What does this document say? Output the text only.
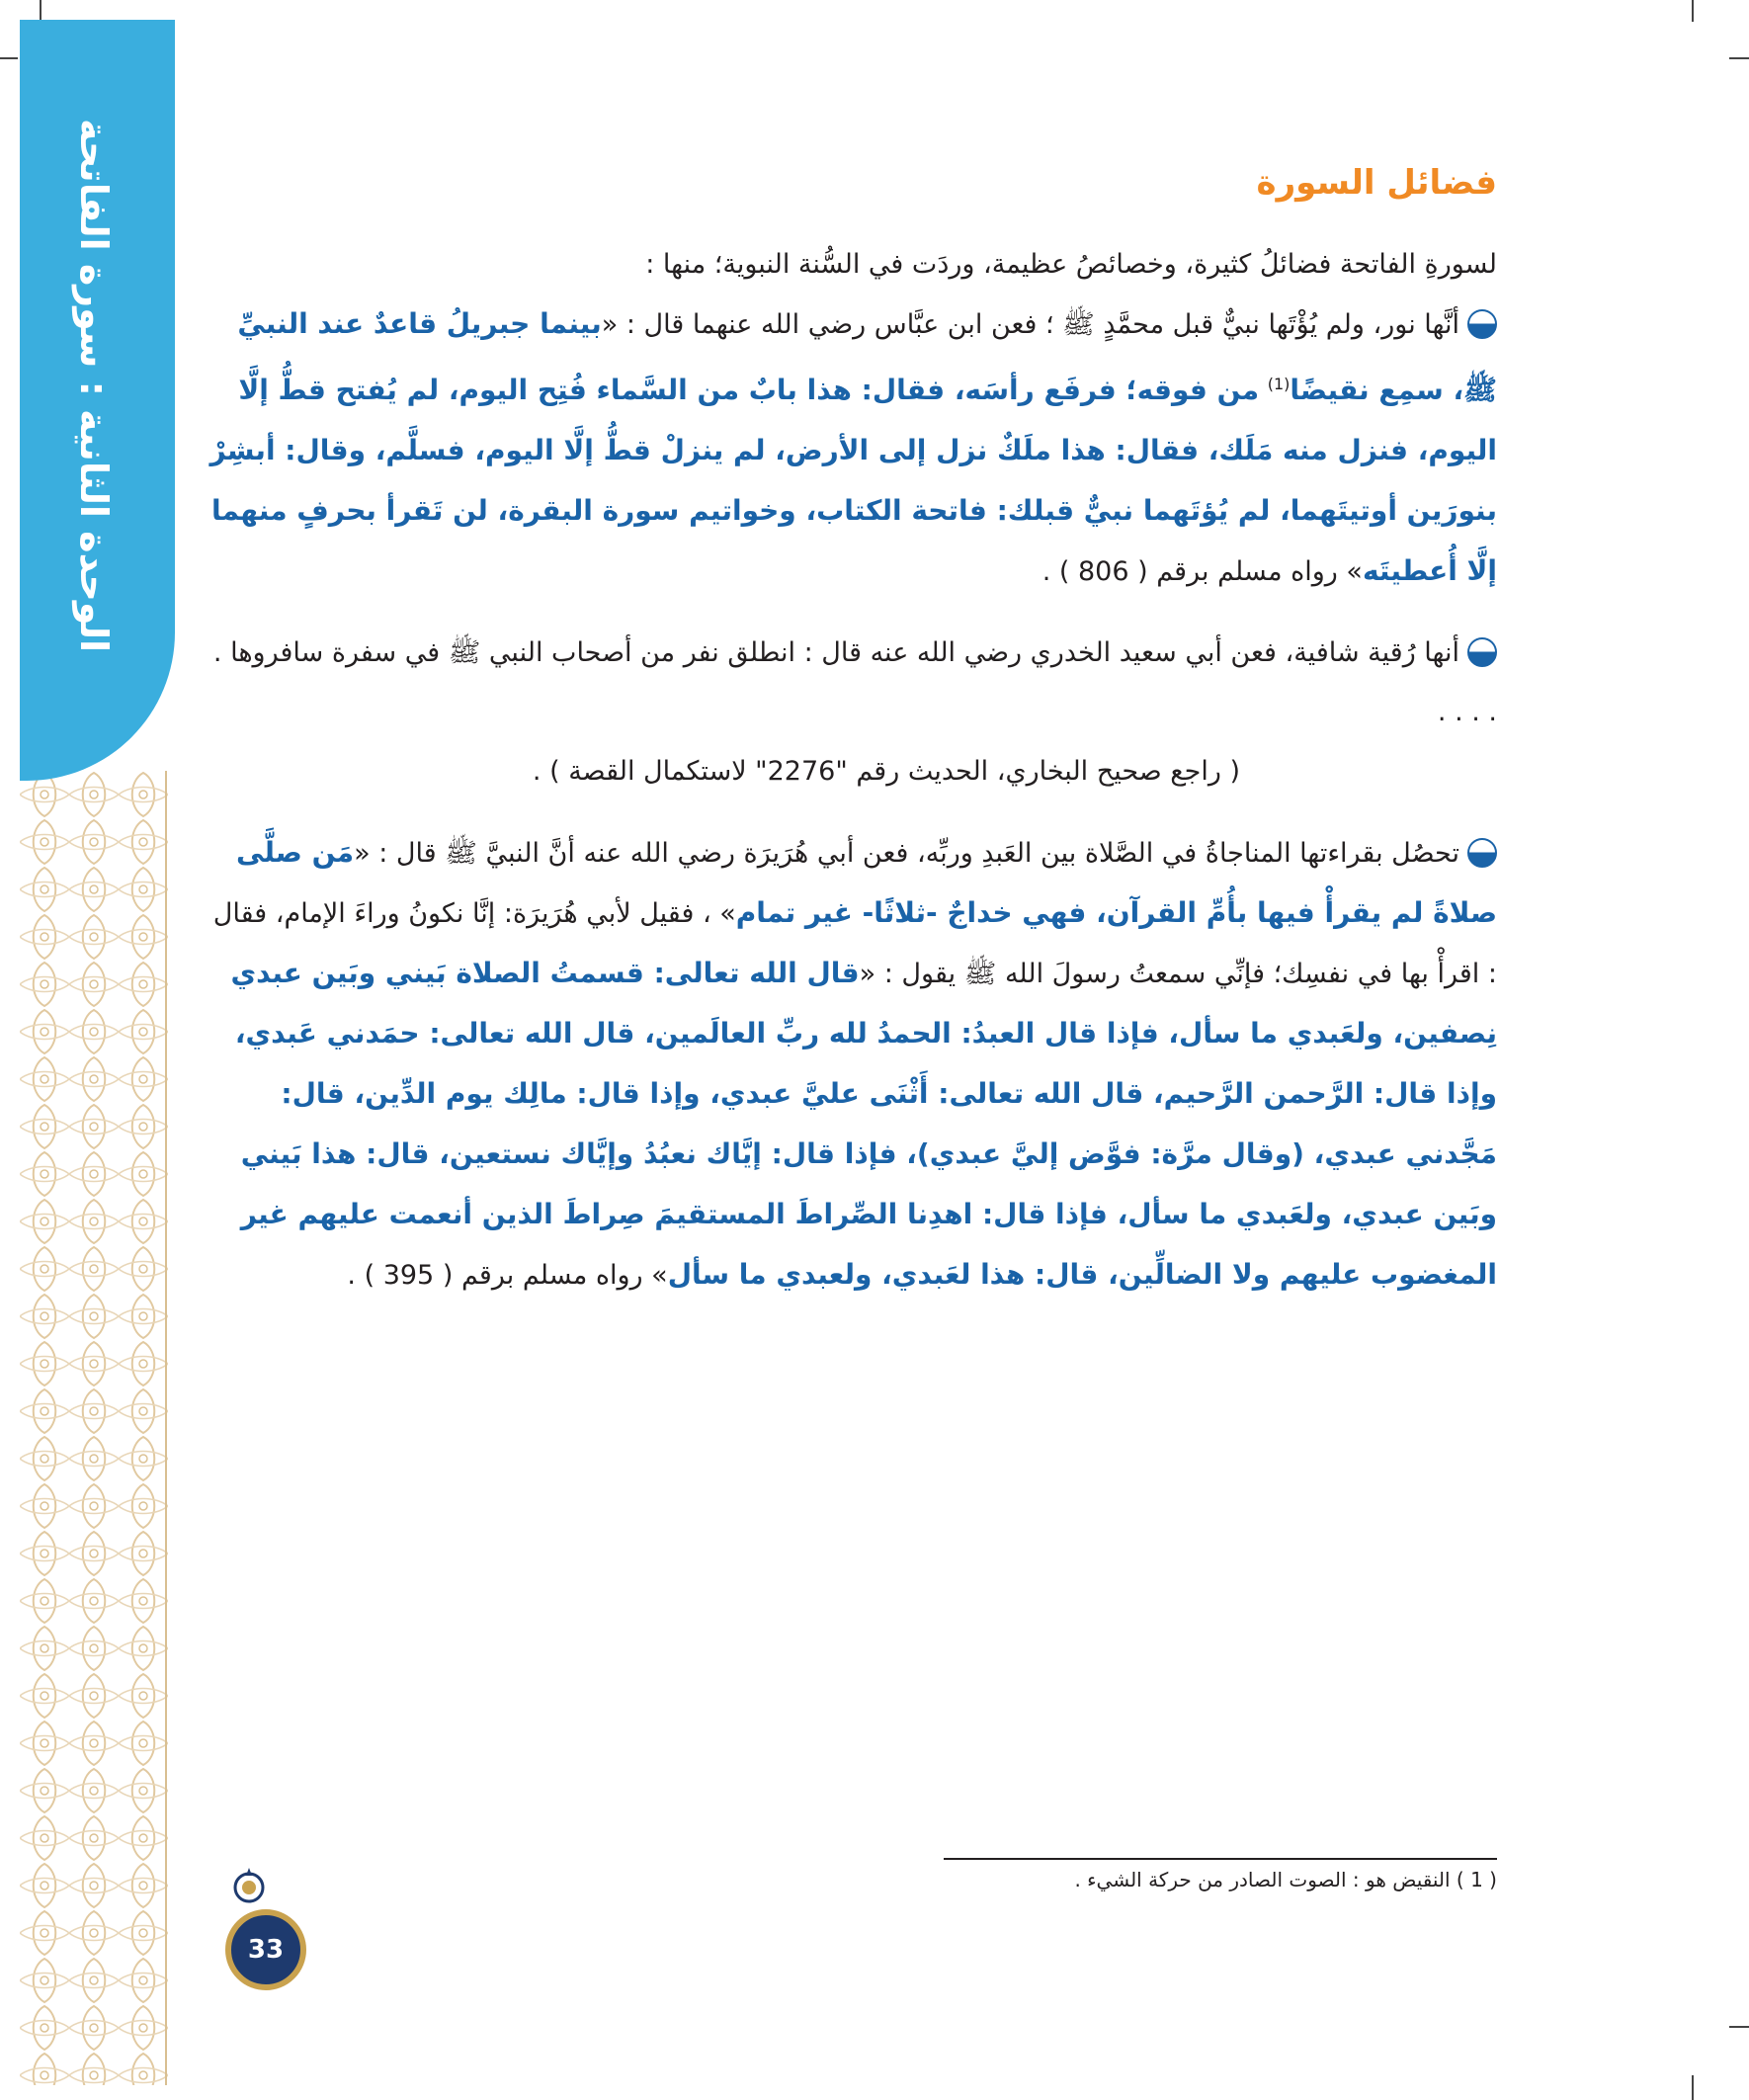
الوحدة الثانية : سورة الفاتحة	فضائل السورة

لسورةِ الفاتحة فضائلُ كثيرة، وخصائصُ عظيمة، وردَت في السُّنة النبوية؛ منها :

أنَّها نور، ولم يُؤْتَها نبيٌّ قبل محمَّدٍ ﷺ ؛ فعن ابن عبَّاس رضي الله عنهما قال : «بينما جبريلُ قاعدٌ عند النبيِّ ﷺ، سمِع نقيضًا$^{(1)}$ من فوقه؛ فرفَع رأسَه، فقال: هذا بابٌ من السَّماء فُتِح اليوم، لم يُفتح قطُّ إلَّا اليوم، فنزل منه مَلَك، فقال: هذا ملَكٌ نزل إلى الأرض، لم ينزلْ قطُّ إلَّا اليوم، فسلَّم، وقال: أبشِرْ بنورَين أوتيتَهما، لم يُؤتَهما نبيٌّ قبلك: فاتحة الكتاب، وخواتيم سورة البقرة، لن تَقرأ بحرفٍ منهما إلَّا أُعطيتَه» رواه مسلم برقم ( 806 ) .

أنها رُقية شافية، فعن أبي سعيد الخدري رضي الله عنه قال : انطلق نفر من أصحاب النبي ﷺ في سفرة سافروها . . . . .

( راجع صحيح البخاري، الحديث رقم "2276" لاستكمال القصة ) .

تحصُل بقراءتها المناجاةُ في الصَّلاة بين العَبدِ وربِّه، فعن أبي هُرَيرَة رضي الله عنه أنَّ النبيَّ ﷺ قال : «مَن صلَّى صلاةً لم يقرأْ فيها بأُمِّ القرآن، فهي خداجٌ -ثلاثًا- غير تمام» ، فقيل لأبي هُرَيرَة: إنَّا نكونُ وراءَ الإمام، فقال : اقرأْ بها في نفسِك؛ فإنِّي سمعتُ رسولَ الله ﷺ يقول : «قال الله تعالى: قسمتُ الصلاة بَيني وبَين عبدي نِصفين، ولعَبدي ما سأل، فإذا قال العبدُ: الحمدُ لله ربِّ العالَمين، قال الله تعالى: حمَدني عَبدي، وإذا قال: الرَّحمن الرَّحيم، قال الله تعالى: أَثْنَى عليَّ عبدي، وإذا قال: مالِك يوم الدِّين، قال: مَجَّدني عبدي، (وقال مرَّة: فوَّض إليَّ عبدي)، فإذا قال: إيَّاك نعبُدُ وإيَّاك نستعين، قال: هذا بَيني وبَين عبدي، ولعَبدي ما سأل، فإذا قال: اهدِنا الصِّراطَ المستقيمَ صِراطَ الذين أنعمت عليهم غير المغضوب عليهم ولا الضالِّين، قال: هذا لعَبدي، ولعبدي ما سأل» رواه مسلم برقم ( 395 ) .

( 1 ) النقيض هو : الصوت الصادر من حركة الشيء .
33
